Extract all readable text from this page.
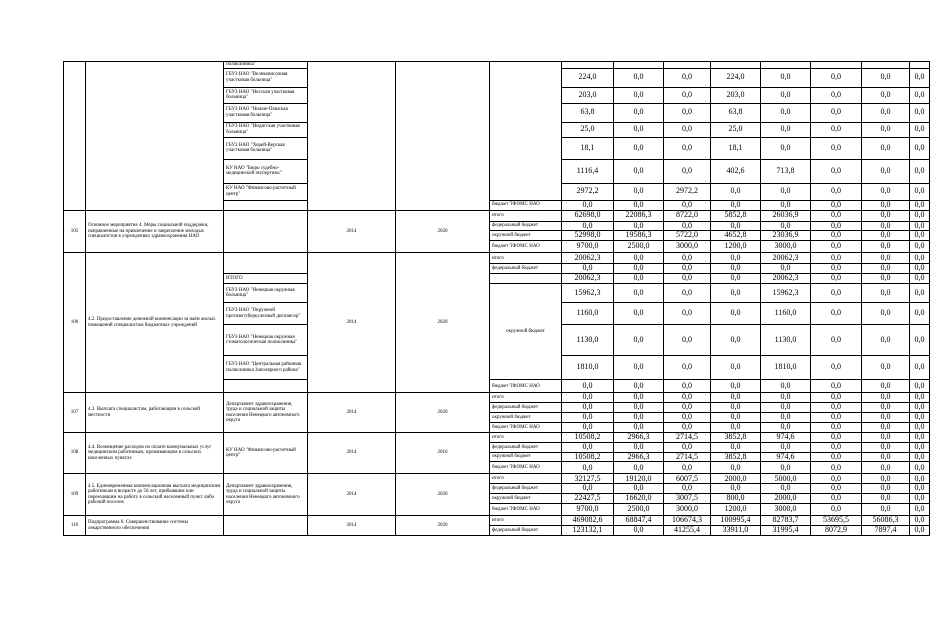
		поликлиника"												
		ГБУЗ НАО "Великовисочная участковая больница"				224,0	0,0	0,0	224,0	0,0	0,0	0,0	0,0	
		ГБУЗ НАО "Несская участковая больница"				203,0	0,0	0,0	203,0	0,0	0,0	0,0	0,0	
		ГБУЗ НАО "Нижне-Пешская участковая больница"				63,8	0,0	0,0	63,8	0,0	0,0	0,0	0,0	
		ГБУЗ НАО "Индигская участковая больница"				25,0	0,0	0,0	25,0	0,0	0,0	0,0	0,0	
		ГБУЗ НАО "Хорей-Верская участковая больница"				18,1	0,0	0,0	18,1	0,0	0,0	0,0	0,0	
		КУ НАО "Бюро судебно-медицинской экспертизы"				1116,4	0,0	0,0	402,6	713,8	0,0	0,0	0,0	
		КУ НАО "Финансово-расчетный центр"				2972,2	0,0	2972,2	0,0	0,0	0,0	0,0	0,0	
					бюджет ТФОМС НАО	0,0	0,0	0,0	0,0	0,0	0,0	0,0	0,0	
105	Основное мероприятие 4. Меры социальной поддержки, направленные на привлечение и закрепление молодых специалистов в учреждениях здравоохранения НАО		2014	2020	итого	62698,0	22086,3	8722,0	5852,8	26036,9	0,0	0,0	0,0	
					федеральный бюджет	0,0	0,0	0,0	0,0	0,0	0,0	0,0	0,0	
					окружной бюджет	52998,0	19586,3	5722,0	4652,8	23036,9	0,0	0,0	0,0	
					бюджет ТФОМС НАО	9700,0	2500,0	3000,0	1200,0	3000,0	0,0	0,0	0,0	
106	4.2. Предоставление денежной компенсации за наём жилых помещений специалистам бюджетных учреждений		2014	2020	итого	20062,3	0,0	0,0	0,0	20062,3	0,0	0,0	0,0	
					федеральный бюджет	0,0	0,0	0,0	0,0	0,0	0,0	0,0	0,0	
		ИТОГО				20062,3	0,0	0,0	0,0	20062,3	0,0	0,0	0,0	
		ГБУЗ НАО "Ненецкая окружная больница"			окружной бюджет	15962,3	0,0	0,0	0,0	15962,3	0,0	0,0	0,0	
		ГБУЗ НАО "Окружной противотуберкулезный диспансер"				1160,0	0,0	0,0	0,0	1160,0	0,0	0,0	0,0	
		ГБУЗ НАО "Ненецкая окружная стоматологическая поликлиника"				1130,0	0,0	0,0	0,0	1130,0	0,0	0,0	0,0	
		ГБУЗ НАО "Центральная районная поликлиника Заполярного района"				1810,0	0,0	0,0	0,0	1810,0	0,0	0,0	0,0	
					бюджет ТФОМС НАО	0,0	0,0	0,0	0,0	0,0	0,0	0,0	0,0	
107	4.3. Выплата специалистам, работающим в сельской местности	Департамент здравоохранения, труда и социальной защиты населения Ненецкого автономного округа	2014	2020	итого	0,0	0,0	0,0	0,0	0,0	0,0	0,0	0,0	
					федеральный бюджет	0,0	0,0	0,0	0,0	0,0	0,0	0,0	0,0	
					окружной бюджет	0,0	0,0	0,0	0,0	0,0	0,0	0,0	0,0	
					бюджет ТФОМС НАО	0,0	0,0	0,0	0,0	0,0	0,0	0,0	0,0	
108	4.4. Возмещение расходов по оплате коммунальных услуг медицинским работникам, проживающим в сельских населенных пунктах	КУ НАО "Финансово-расчетный центр"	2014	2016	итого	10508,2	2966,3	2714,5	3852,8	974,6	0,0	0,0	0,0	
					федеральный бюджет	0,0	0,0	0,0	0,0	0,0	0,0	0,0	0,0	
					окружной бюджет	10508,2	2966,3	2714,5	3852,8	974,6	0,0	0,0	0,0	
					бюджет ТФОМС НАО	0,0	0,0	0,0	0,0	0,0	0,0	0,0	0,0	
109	4.5. Единовременная компенсационная выплата медицинским работникам в возрасте до 50 лет, прибывшим или переехавшим на работу в сельский населенный пункт либо рабочий поселок	Департамент здравоохранения, труда и социальной защиты населения Ненецкого автономного округа	2014	2020	итого	32127,5	19120,0	6007,5	2000,0	5000,0	0,0	0,0	0,0	
					федеральный бюджет	0,0	0,0	0,0	0,0	0,0	0,0	0,0	0,0	
					окружной бюджет	22427,5	16620,0	3007,5	800,0	2000,0	0,0	0,0	0,0	
					бюджет ТФОМС НАО	9700,0	2500,0	3000,0	1200,0	3000,0	0,0	0,0	0,0	
110	Подпрограмма 6. Совершенствование системы лекарственного обеспечения		2014	2020	итого	469082,6	68847,4	106674,3	100995,4	82783,7	53695,5	56086,3	0,0	
					федеральный бюджет	123132,1	0,0	41255,4	33911,0	31995,4	8072,9	7897,4	0,0	
